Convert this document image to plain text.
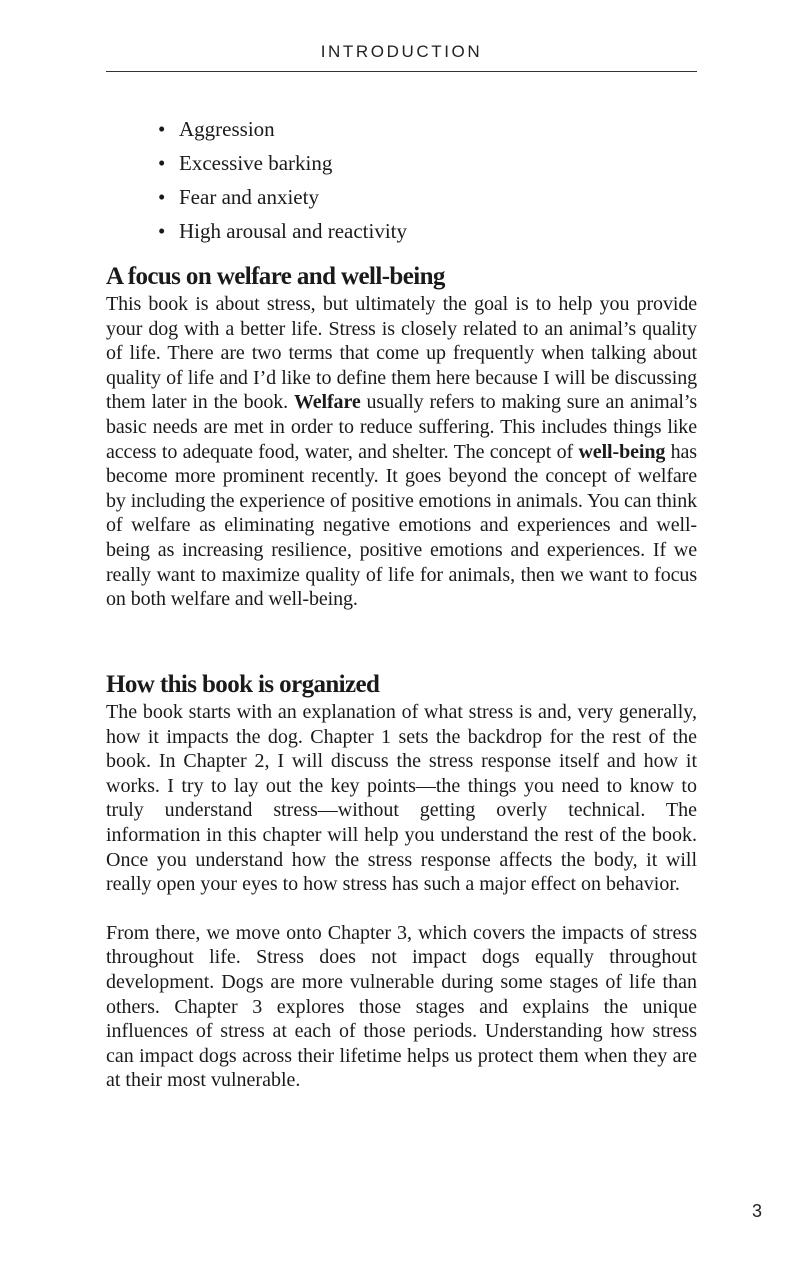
INTRODUCTION
• Aggression
• Excessive barking
• Fear and anxiety
• High arousal and reactivity
A focus on welfare and well-being

This book is about stress, but ultimately the goal is to help you provide your dog with a better life. Stress is closely related to an animal’s quality of life. There are two terms that come up frequently when talking about quality of life and I’d like to define them here because I will be discussing them later in the book. Welfare usually refers to making sure an animal’s basic needs are met in order to reduce suffering. This includes things like access to adequate food, water, and shelter. The concept of well-being has become more prominent recently. It goes beyond the concept of welfare by including the experience of positive emotions in animals. You can think of welfare as eliminating negative emotions and experiences and well-being as increasing resilience, positive emotions and experiences. If we really want to maximize quality of life for animals, then we want to focus on both welfare and well-being.

How this book is organized

The book starts with an explanation of what stress is and, very generally, how it impacts the dog. Chapter 1 sets the backdrop for the rest of the book. In Chapter 2, I will discuss the stress response itself and how it works. I try to lay out the key points—the things you need to know to truly understand stress—without getting overly technical. The information in this chapter will help you understand the rest of the book. Once you understand how the stress response affects the body, it will really open your eyes to how stress has such a major effect on behavior.

From there, we move onto Chapter 3, which covers the impacts of stress throughout life. Stress does not impact dogs equally throughout development. Dogs are more vulnerable during some stages of life than others. Chapter 3 explores those stages and explains the unique influences of stress at each of those periods. Understanding how stress can impact dogs across their lifetime helps us protect them when they are at their most vulnerable.

3
